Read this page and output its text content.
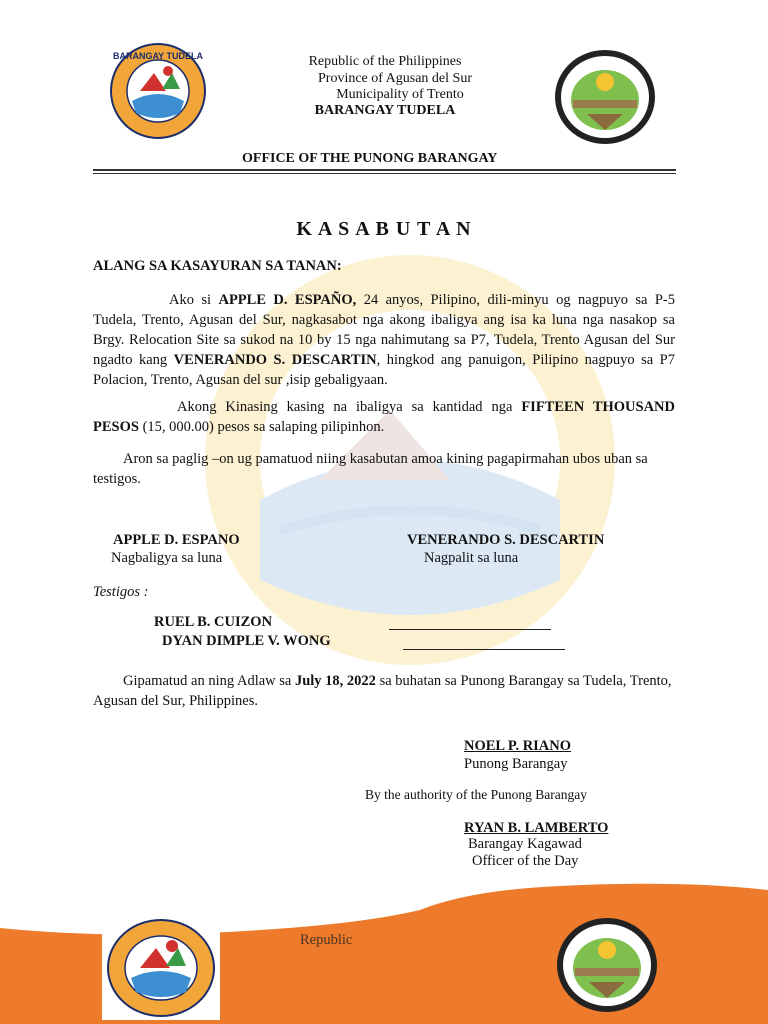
BARANGAY TUDELA	Republic of the Philippines
Province of Agusan del Sur
Municipality of Trento
BARANGAY TUDELA
OFFICE OF THE PUNONG BARANGAY
K A S A B U T A N
ALANG SA KASAYURAN SA TANAN:
Ako si APPLE D. ESPAÑO, 24 anyos, Pilipino, dili-minyu og nagpuyo sa P-5 Tudela, Trento, Agusan del Sur, nagkasabot nga akong ibaligya ang isa ka luna nga nasakop sa Brgy. Relocation Site sa sukod na 10 by 15 nga nahimutang sa P7, Tudela, Trento Agusan del Sur ngadto kang VENERANDO S. DESCARTIN, hingkod ang panuigon, Pilipino nagpuyo sa P7 Polacion, Trento, Agusan del sur ,isip gebaligyaan.
Akong Kinasing kasing na ibaligya sa kantidad nga FIFTEEN THOUSAND PESOS (15, 000.00) pesos sa salaping pilipinhon.
Aron sa paglig –on ug pamatuod niing kasabutan amoa kining pagapirmahan ubos uban sa testigos.
APPLE D. ESPANO
Nagbaligya sa luna
VENERANDO S. DESCARTIN
Nagpalit sa luna
Testigos :
RUEL B. CUIZON
DYAN DIMPLE V. WONG
Gipamatud an ning Adlaw sa July 18, 2022 sa buhatan sa Punong Barangay sa Tudela, Trento, Agusan del Sur, Philippines.
NOEL P. RIANO
Punong Barangay
By the authority of the Punong Barangay
RYAN B. LAMBERTO
Barangay Kagawad
Officer of the Day
Republic
